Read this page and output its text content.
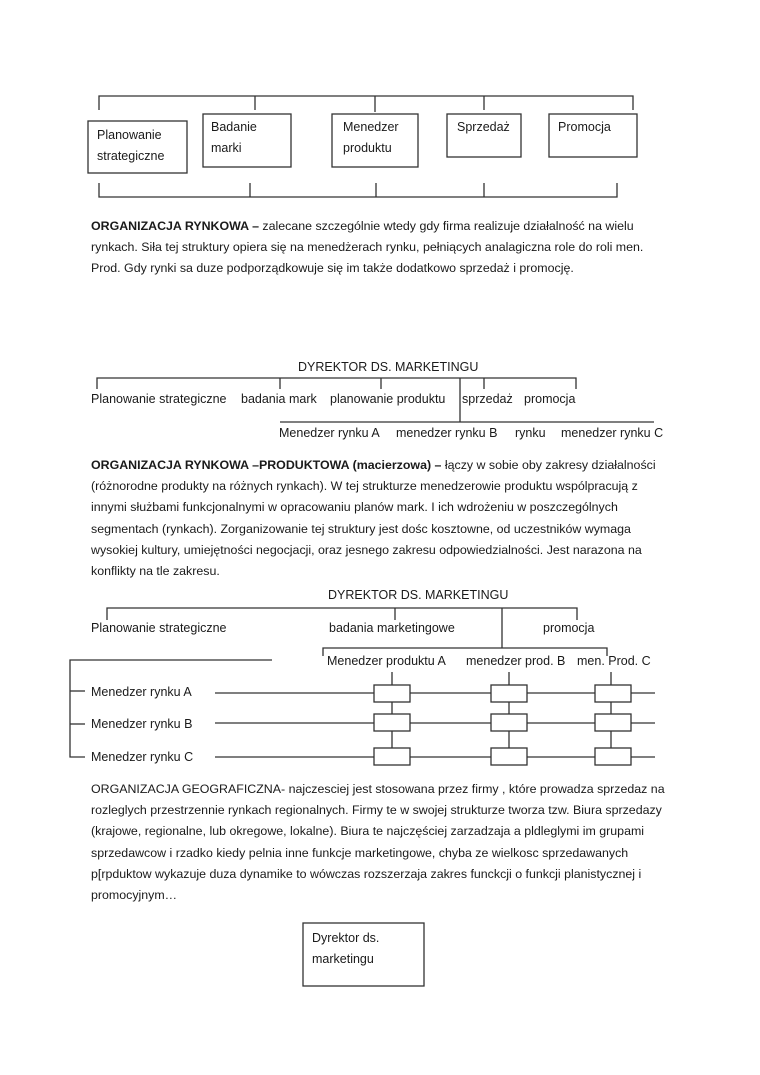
Planowanie strategiczne
Badanie marki
Menedzer produktu
Sprzedaż	Promocja

ORGANIZACJA RYNKOWA – zalecane szczególnie wtedy gdy firma realizuje działalność na wielu rynkach. Siła tej struktury opiera się na menedżerach rynku, pełniących analagiczna role do roli men. Prod. Gdy rynki sa duze podporządkowuje się im także dodatkowo sprzedaż i promocję.

DYREKTOR DS. MARKETINGU
Planowanie strategiczne badania mark planowanie produktu sprzedaż promocja
Menedzer rynku A menedzer rynku B rynku menedzer rynku C

ORGANIZACJA RYNKOWA –PRODUKTOWA (macierzowa) – łączy w sobie oby zakresy działalności (różnorodne produkty na różnych rynkach). W tej strukturze menedzerowie produktu wspólpracują z innymi służbami funkcjonalnymi w opracowaniu planów mark. I ich wdrożeniu w poszczególnych segmentach (rynkach). Zorganizowanie tej struktury jest dośc kosztowne, od uczestników wymaga wysokiej kultury, umiejętności negocjacji, oraz jesnego zakresu odpowiedzialności. Jest narazona na konflikty na tle zakresu.

DYREKTOR DS. MARKETINGU
Planowanie strategiczne	badania marketingowe	promocja
Menedzer produktu A menedzer prod. B men. Prod. C
Menedzer rynku A
Menedzer rynku B
Menedzer rynku C

ORGANIZACJA GEOGRAFICZNA- najczesciej jest stosowana przez firmy , które prowadza sprzedaz na rozleglych przestrzennie rynkach regionalnych. Firmy te w swojej strukturze tworza tzw. Biura sprzedazy (krajowe, regionalne, lub okregowe, lokalne). Biura te najczęściej zarzadzaja a pldleglymi im grupami sprzedawcow i rzadko kiedy pelnia inne funkcje marketingowe, chyba ze wielkosc sprzedawanych p[rpduktow wykazuje duza dynamike to wówczas rozszerzaja zakres funckcji o funkcji planistycznej i promocyjnym…

Dyrektor ds. marketingu
